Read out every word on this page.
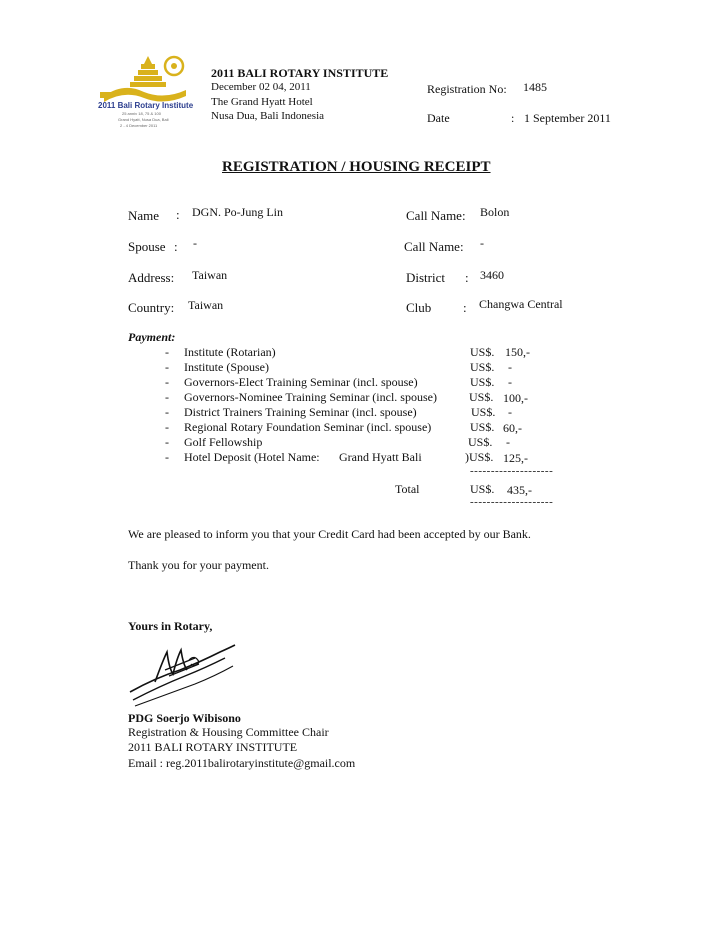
2011 Bali Rotary Institute
25 anniv 18, 75 & 100
Grand Hyatt, Nusa Dua, Bali
2 - 4 December 2011
2011 BALI ROTARY INSTITUTE
December 02 04, 2011
The Grand Hyatt Hotel
Nusa Dua, Bali Indonesia
Registration No: 1485
Date	: 1 September 2011
REGISTRATION / HOUSING RECEIPT
Name : DGN. Po-Jung Lin	Call Name: Bolon
Spouse : -	Call Name: -
Address: Taiwan	District : 3460
Country: Taiwan	Club : Changwa Central
Payment:
- Institute (Rotarian)	US$. 150,-
- Institute (Spouse)	US$. -
- Governors-Elect Training Seminar (incl. spouse)	US$. -
- Governors-Nominee Training Seminar (incl. spouse)	US$. 100,-
- District Trainers Training Seminar (incl. spouse)	US$. -
- Regional Rotary Foundation Seminar (incl. spouse)	US$. 60,-
- Golf Fellowship	US$. -
- Hotel Deposit (Hotel Name: Grand Hyatt Bali	)US$. 125,-
--------------------
Total	US$. 435,-
--------------------
We are pleased to inform you that your Credit Card had been accepted by our Bank.
Thank you for your payment.
Yours in Rotary,
PDG Soerjo Wibisono
Registration & Housing Committee Chair
2011 BALI ROTARY INSTITUTE
Email : reg.2011balirotaryinstitute@gmail.com
